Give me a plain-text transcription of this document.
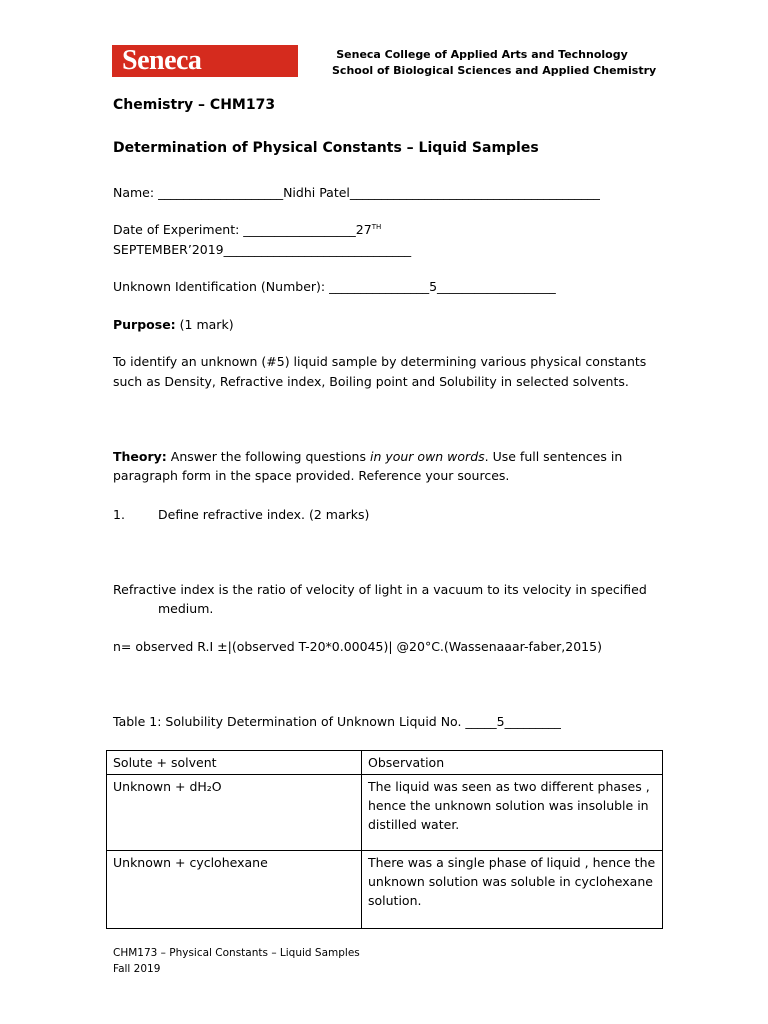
Seneca	Seneca College of Applied Arts and Technology
School of Biological Sciences and Applied Chemistry
Chemistry – CHM173
Determination of Physical Constants – Liquid Samples
Name: ____________________Nidhi Patel________________________________________
Date of Experiment: __________________27TH
SEPTEMBER’2019______________________________
Unknown Identification (Number): ________________5___________________
Purpose: (1 mark)
To identify an unknown (#5) liquid sample by determining various physical constants
such as Density, Refractive index, Boiling point and Solubility in selected solvents.
Theory: Answer the following questions in your own words. Use full sentences in
paragraph form in the space provided. Reference your sources.
1.	Define refractive index. (2 marks)
Refractive index is the ratio of velocity of light in a vacuum to its velocity in specified
medium.
n= observed R.I ±|(observed T-20*0.00045)| @20°C.(Wassenaaar-faber,2015)
Table 1: Solubility Determination of Unknown Liquid No. _____5_________
Solute + solvent	Observation
Unknown + dH₂O	The liquid was seen as two different phases , hence the unknown solution was insoluble in distilled water.
Unknown + cyclohexane	There was a single phase of liquid , hence the unknown solution was soluble in cyclohexane solution.
CHM173 – Physical Constants – Liquid Samples
Fall 2019
